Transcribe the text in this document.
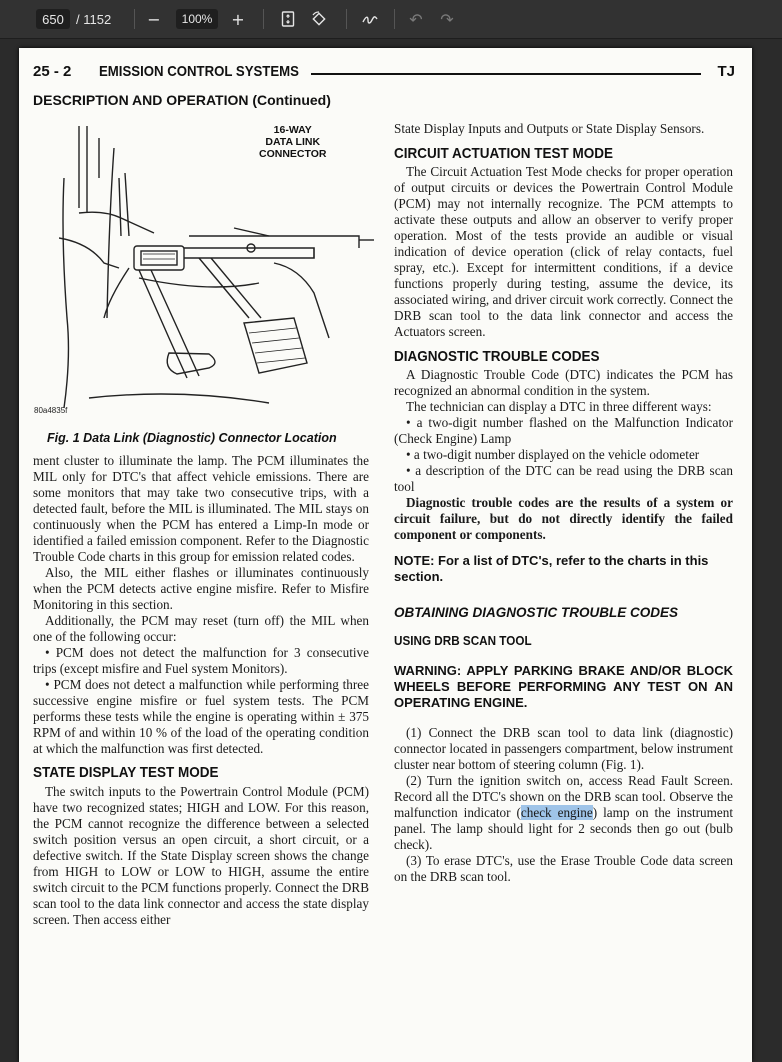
650 / 1152 −	100%	+	↶ ↷
25 - 2 EMISSION CONTROL SYSTEMS	TJ
DESCRIPTION AND OPERATION (Continued)
16-WAY
DATA LINK
CONNECTOR
80a4835f
Fig. 1 Data Link (Diagnostic) Connector Location

ment cluster to illuminate the lamp. The PCM illuminates the MIL only for DTC's that affect vehicle emissions. There are some monitors that may take two consecutive trips, with a detected fault, before the MIL is illuminated. The MIL stays on continuously when the PCM has entered a Limp-In mode or identified a failed emission component. Refer to the Diagnostic Trouble Code charts in this group for emission related codes.

Also, the MIL either flashes or illuminates continuously when the PCM detects active engine misfire. Refer to Misfire Monitoring in this section.

Additionally, the PCM may reset (turn off) the MIL when one of the following occur:

• PCM does not detect the malfunction for 3 consecutive trips (except misfire and Fuel system Monitors).

• PCM does not detect a malfunction while performing three successive engine misfire or fuel system tests. The PCM performs these tests while the engine is operating within ± 375 RPM of and within 10 % of the load of the operating condition at which the malfunction was first detected.

STATE DISPLAY TEST MODE

The switch inputs to the Powertrain Control Module (PCM) have two recognized states; HIGH and LOW. For this reason, the PCM cannot recognize the difference between a selected switch position versus an open circuit, a short circuit, or a defective switch. If the State Display screen shows the change from HIGH to LOW or LOW to HIGH, assume the entire switch circuit to the PCM functions properly. Connect the DRB scan tool to the data link connector and access the state display screen. Then access either

State Display Inputs and Outputs or State Display Sensors.

CIRCUIT ACTUATION TEST MODE

The Circuit Actuation Test Mode checks for proper operation of output circuits or devices the Powertrain Control Module (PCM) may not internally recognize. The PCM attempts to activate these outputs and allow an observer to verify proper operation. Most of the tests provide an audible or visual indication of device operation (click of relay contacts, fuel spray, etc.). Except for intermittent conditions, if a device functions properly during testing, assume the device, its associated wiring, and driver circuit work correctly. Connect the DRB scan tool to the data link connector and access the Actuators screen.

DIAGNOSTIC TROUBLE CODES

A Diagnostic Trouble Code (DTC) indicates the PCM has recognized an abnormal condition in the system.

The technician can display a DTC in three different ways:

• a two-digit number flashed on the Malfunction Indicator (Check Engine) Lamp

• a two-digit number displayed on the vehicle odometer

• a description of the DTC can be read using the DRB scan tool

Diagnostic trouble codes are the results of a system or circuit failure, but do not directly identify the failed component or components.

NOTE: For a list of DTC's, refer to the charts in this section.

OBTAINING DIAGNOSTIC TROUBLE CODES

USING DRB SCAN TOOL

WARNING: APPLY PARKING BRAKE AND/OR BLOCK WHEELS BEFORE PERFORMING ANY TEST ON AN OPERATING ENGINE.

(1) Connect the DRB scan tool to data link (diagnostic) connector located in passengers compartment, below instrument cluster near bottom of steering column (Fig. 1).

(2) Turn the ignition switch on, access Read Fault Screen. Record all the DTC's shown on the DRB scan tool. Observe the malfunction indicator (check engine) lamp on the instrument panel. The lamp should light for 2 seconds then go out (bulb check).

(3) To erase DTC's, use the Erase Trouble Code data screen on the DRB scan tool.
